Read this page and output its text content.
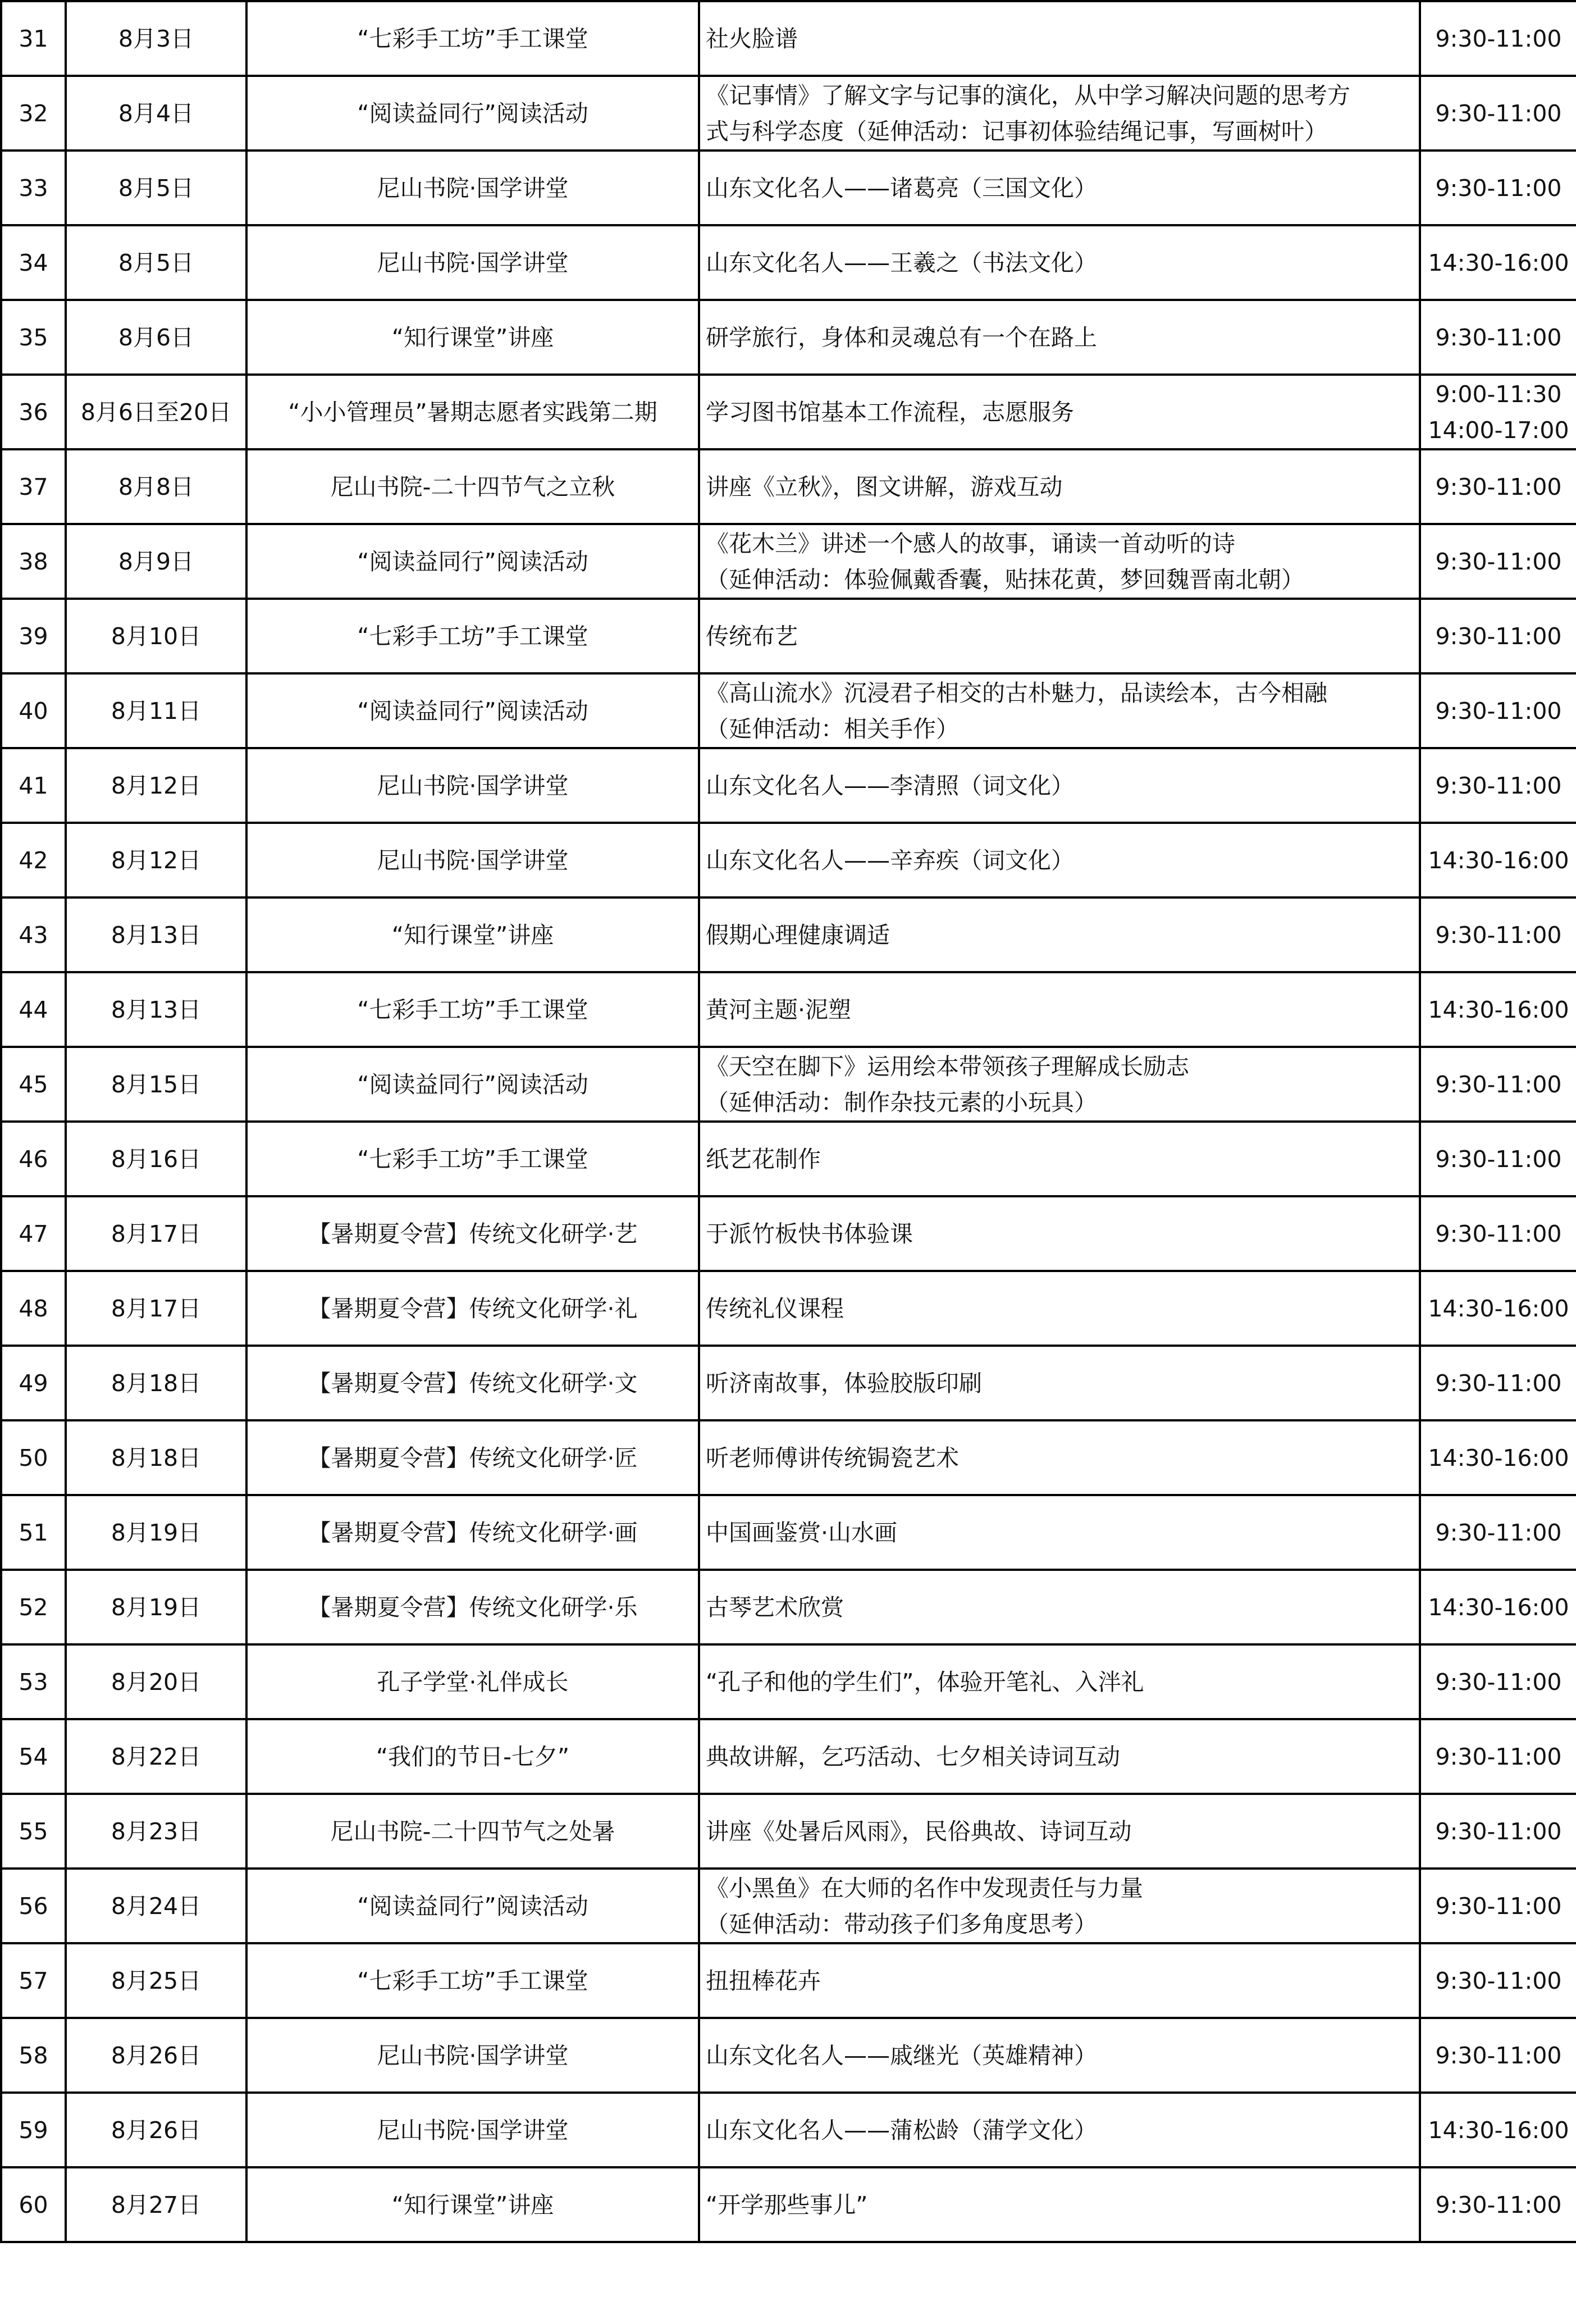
31	8月3日	“七彩手工坊”手工课堂	社火脸谱	9:30-11:00

32	8月4日	“阅读益同行”阅读活动	《记事情》了解文字与记事的演化，从中学习解决问题的思考方
式与科学态度（延伸活动：记事初体验结绳记事，写画树叶）	9:30-11:00

33	8月5日	尼山书院·国学讲堂	山东文化名人——诸葛亮（三国文化）	9:30-11:00

34	8月5日	尼山书院·国学讲堂	山东文化名人——王羲之（书法文化）	14:30-16:00

35	8月6日	“知行课堂”讲座	研学旅行，身体和灵魂总有一个在路上	9:30-11:00

36	8月6日至20日	“小小管理员”暑期志愿者实践第二期	学习图书馆基本工作流程，志愿服务	9:00-11:30
14:00-17:00

37	8月8日	尼山书院-二十四节气之立秋	讲座《立秋》，图文讲解，游戏互动	9:30-11:00

38	8月9日	“阅读益同行”阅读活动	《花木兰》讲述一个感人的故事，诵读一首动听的诗
（延伸活动：体验佩戴香囊，贴抹花黄，梦回魏晋南北朝）	9:30-11:00

39	8月10日	“七彩手工坊”手工课堂	传统布艺	9:30-11:00

40	8月11日	“阅读益同行”阅读活动	《高山流水》沉浸君子相交的古朴魅力，品读绘本，古今相融
（延伸活动：相关手作）	9:30-11:00

41	8月12日	尼山书院·国学讲堂	山东文化名人——李清照（词文化）	9:30-11:00

42	8月12日	尼山书院·国学讲堂	山东文化名人——辛弃疾（词文化）	14:30-16:00

43	8月13日	“知行课堂”讲座	假期心理健康调适	9:30-11:00

44	8月13日	“七彩手工坊”手工课堂	黄河主题·泥塑	14:30-16:00

45	8月15日	“阅读益同行”阅读活动	《天空在脚下》运用绘本带领孩子理解成长励志
（延伸活动：制作杂技元素的小玩具）	9:30-11:00

46	8月16日	“七彩手工坊”手工课堂	纸艺花制作	9:30-11:00

47	8月17日	【暑期夏令营】传统文化研学·艺	于派竹板快书体验课	9:30-11:00

48	8月17日	【暑期夏令营】传统文化研学·礼	传统礼仪课程	14:30-16:00

49	8月18日	【暑期夏令营】传统文化研学·文	听济南故事，体验胶版印刷	9:30-11:00

50	8月18日	【暑期夏令营】传统文化研学·匠	听老师傅讲传统锔瓷艺术	14:30-16:00

51	8月19日	【暑期夏令营】传统文化研学·画	中国画鉴赏·山水画	9:30-11:00

52	8月19日	【暑期夏令营】传统文化研学·乐	古琴艺术欣赏	14:30-16:00

53	8月20日	孔子学堂·礼伴成长	“孔子和他的学生们”，体验开笔礼、入泮礼	9:30-11:00

54	8月22日	“我们的节日-七夕”	典故讲解，乞巧活动、七夕相关诗词互动	9:30-11:00

55	8月23日	尼山书院-二十四节气之处暑	讲座《处暑后风雨》，民俗典故、诗词互动	9:30-11:00

56	8月24日	“阅读益同行”阅读活动	《小黑鱼》在大师的名作中发现责任与力量
（延伸活动：带动孩子们多角度思考）	9:30-11:00

57	8月25日	“七彩手工坊”手工课堂	扭扭棒花卉	9:30-11:00

58	8月26日	尼山书院·国学讲堂	山东文化名人——戚继光（英雄精神）	9:30-11:00

59	8月26日	尼山书院·国学讲堂	山东文化名人——蒲松龄（蒲学文化）	14:30-16:00

60	8月27日	“知行课堂”讲座	“开学那些事儿”	9:30-11:00
